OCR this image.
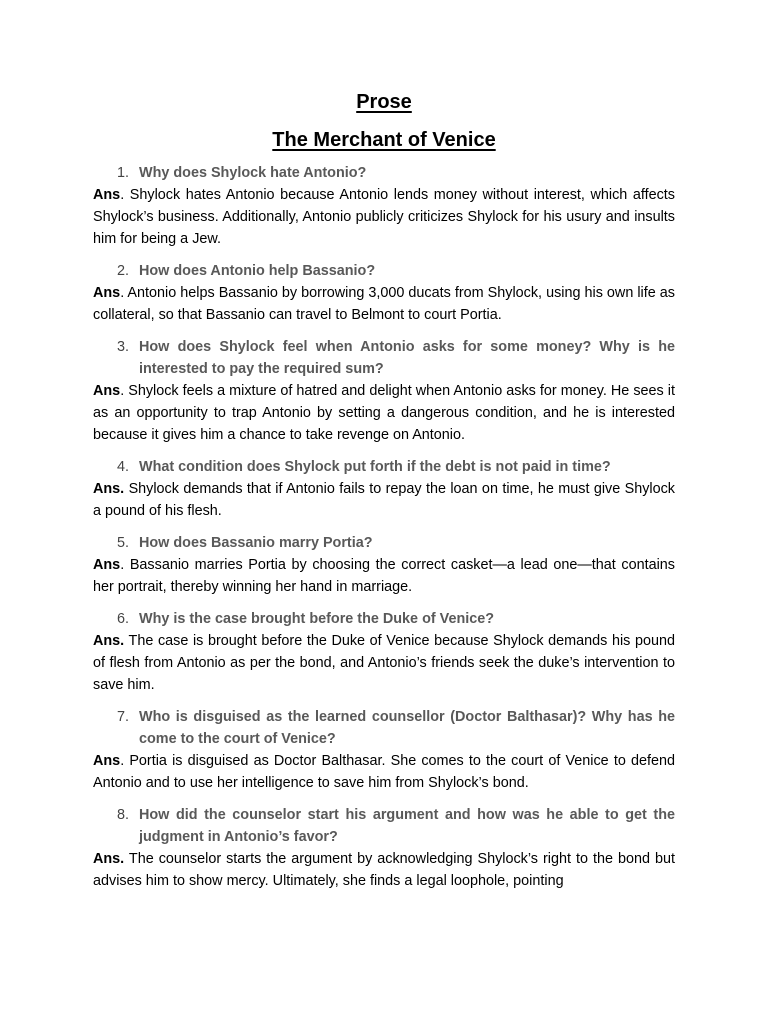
Prose
The Merchant of Venice
1. Why does Shylock hate Antonio?
Ans. Shylock hates Antonio because Antonio lends money without interest, which affects Shylock’s business. Additionally, Antonio publicly criticizes Shylock for his usury and insults him for being a Jew.
2. How does Antonio help Bassanio?
Ans. Antonio helps Bassanio by borrowing 3,000 ducats from Shylock, using his own life as collateral, so that Bassanio can travel to Belmont to court Portia.
3. How does Shylock feel when Antonio asks for some money? Why is he interested to pay the required sum?
Ans. Shylock feels a mixture of hatred and delight when Antonio asks for money. He sees it as an opportunity to trap Antonio by setting a dangerous condition, and he is interested because it gives him a chance to take revenge on Antonio.
4. What condition does Shylock put forth if the debt is not paid in time?
Ans. Shylock demands that if Antonio fails to repay the loan on time, he must give Shylock a pound of his flesh.
5. How does Bassanio marry Portia?
Ans. Bassanio marries Portia by choosing the correct casket—a lead one—that contains her portrait, thereby winning her hand in marriage.
6. Why is the case brought before the Duke of Venice?
Ans. The case is brought before the Duke of Venice because Shylock demands his pound of flesh from Antonio as per the bond, and Antonio’s friends seek the duke’s intervention to save him.
7. Who is disguised as the learned counsellor (Doctor Balthasar)? Why has he come to the court of Venice?
Ans. Portia is disguised as Doctor Balthasar. She comes to the court of Venice to defend Antonio and to use her intelligence to save him from Shylock’s bond.
8. How did the counselor start his argument and how was he able to get the judgment in Antonio’s favor?
Ans. The counselor starts the argument by acknowledging Shylock’s right to the bond but advises him to show mercy. Ultimately, she finds a legal loophole, pointing
